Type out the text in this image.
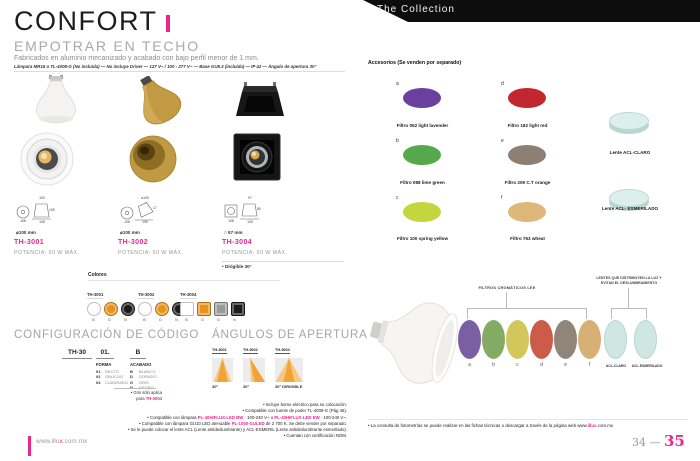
CONFORT
EMPOTRAR EN TECHO
Fabricados en aluminio mecanizado y acabado con bajo perfil menor de 1 mm.
Lámpara MR16 o TL-4008-G (No incluida) — No incluye Driver — 127 V~ / 100 - 277 V~ — Base GU5.3 (incluida) — IP 42 — Ángulo de apertura 30°
100
105
108
108
⌀100 mm
TH-3001
POTENCIA: 50 W MÁX.
⌀100
17
105
108
⌀100 mm
TH-3002
POTENCIA: 50 W MÁX.
97
80
105
108
□ 97 mm
TH-3004
POTENCIA: 50 W MÁX.
• Dirigible 30°
Colores
TH-3001
B	D	N
TH-3002
B	D	N
TH-3004
B	D	G	N
CONFIGURACIÓN DE CÓDIGO
TH-30	01.	B
FORMA
01 RECTO
02 OBLICUO
04 CUADRADO
ACABADO
B BLANCO
D DORADO
G GRIS
N NEGRO
• Gris sólo aplica
para TH-3004
ÁNGULOS DE APERTURA
TH-3001
30°
TH-3002
30°
TH-3004
30° DIRIGIBLE
• Incluye borne eléctrico para su colocación.
• Compatible con fuente de poder TL-4008-G (Pág 46).
• Compatible con lámpara PL-40HIFLUX-LED BW · 100-240 V~ o PL-40HIFLUX-LED EW · 100-240 V~.
• Compatible con lámpara GU10 LED atenuable PL-1000-GULED de 2 700 K. Se debe vender por separado.
• Se le puede colocar el lente ACL (Lente antideslumbrante) y ACL-ESMERIL (Lente antideslumbrante esmerilado).
• Cuentan con certificación NOM.
www.illux.com.mx
The Collection
Accesorios (Se venden por separado)
a
Filtro 052 light lavender
b
Filtro 088 lime green
c
Filtro 100 spring yellow
d
Filtro 182 light red
e
Filtro 209 C.T orange
f
Filtro 763 wheat
Lente ACL-CLARO
Lente ACL- ESMERILADO
FILTROS CROMÁTICOS LEE
LENTES QUE DISTRIBUYEN LA LUZ Y
EVITAN EL DESLUMBRAMIENTO
a	b	c	d	e	f	ACL-CLARO	ACL-ESMERILADO
• La consulta de fotometrías se puede realizar en las fichas técnicas o descargar a través de la página web www.illux.com.mx
34 — 35
